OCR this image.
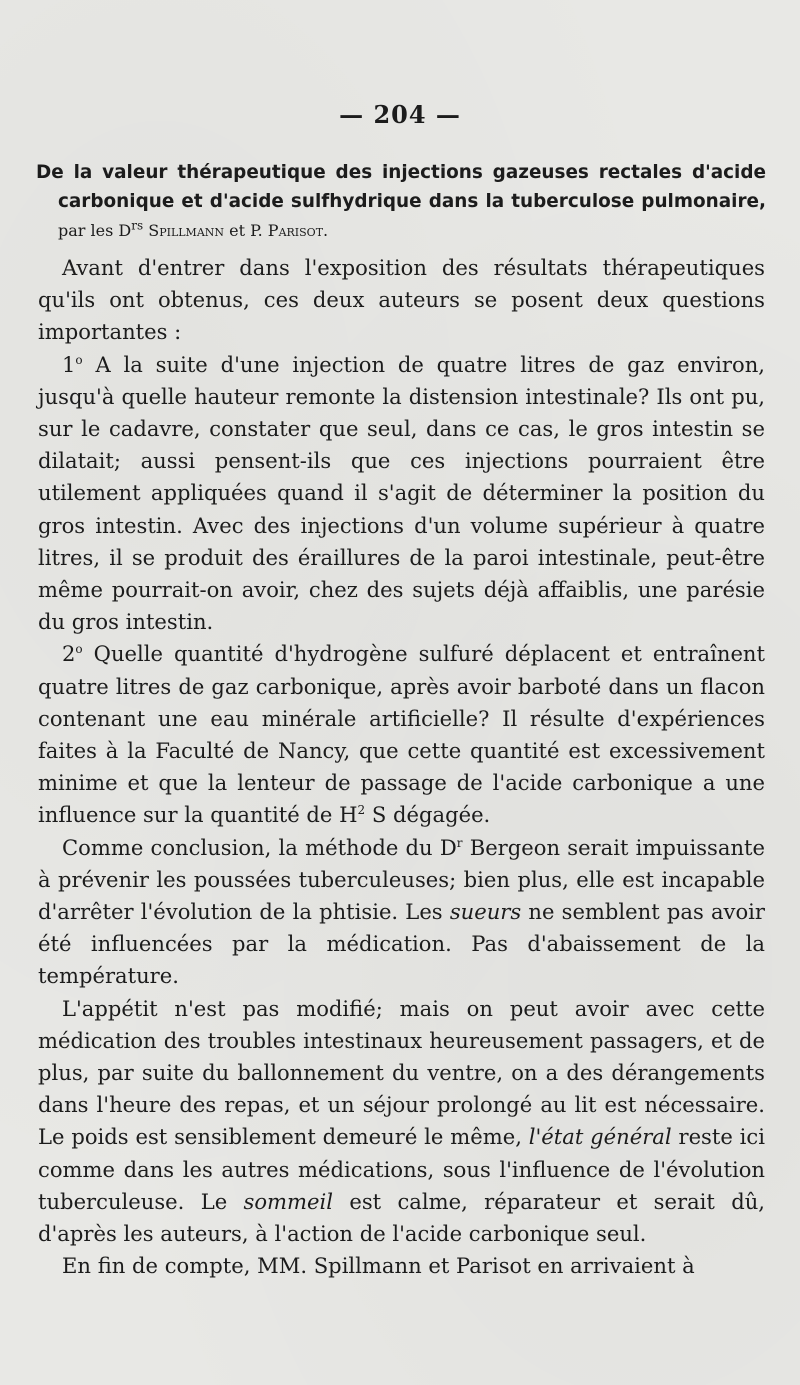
— 204 —
De la valeur thérapeutique des injections gazeuses rectales d'acide carbonique et d'acide sulfhydrique dans la tuberculose pulmonaire, par les $D^{rs}$ Spillmann et P. Parisot.

Avant d'entrer dans l'exposition des résultats thérapeutiques qu'ils ont obtenus, ces deux auteurs se posent deux questions importantes :

1$^o$ A la suite d'une injection de quatre litres de gaz environ, jusqu'à quelle hauteur remonte la distension intestinale? Ils ont pu, sur le cadavre, constater que seul, dans ce cas, le gros intestin se dilatait; aussi pensent-ils que ces injections pourraient être utilement appliquées quand il s'agit de déterminer la position du gros intestin. Avec des injections d'un volume supérieur à quatre litres, il se produit des éraillures de la paroi intestinale, peut-être même pourrait-on avoir, chez des sujets déjà affaiblis, une parésie du gros intestin.

2$^o$ Quelle quantité d'hydrogène sulfuré déplacent et entraînent quatre litres de gaz carbonique, après avoir barboté dans un flacon contenant une eau minérale artificielle? Il résulte d'expériences faites à la Faculté de Nancy, que cette quantité est excessivement minime et que la lenteur de passage de l'acide carbonique a une influence sur la quantité de $H^2$ S dégagée.

Comme conclusion, la méthode du $D^r$ Bergeon serait impuissante à prévenir les poussées tuberculeuses; bien plus, elle est incapable d'arrêter l'évolution de la phtisie. Les sueurs ne semblent pas avoir été influencées par la médication. Pas d'abaissement de la température.

L'appétit n'est pas modifié; mais on peut avoir avec cette médication des troubles intestinaux heureusement passagers, et de plus, par suite du ballonnement du ventre, on a des dérangements dans l'heure des repas, et un séjour prolongé au lit est nécessaire. Le poids est sensiblement demeuré le même, l'état général reste ici comme dans les autres médications, sous l'influence de l'évolution tuberculeuse. Le sommeil est calme, réparateur et serait dû, d'après les auteurs, à l'action de l'acide carbonique seul.

En fin de compte, MM. Spillmann et Parisot en arrivaient à
